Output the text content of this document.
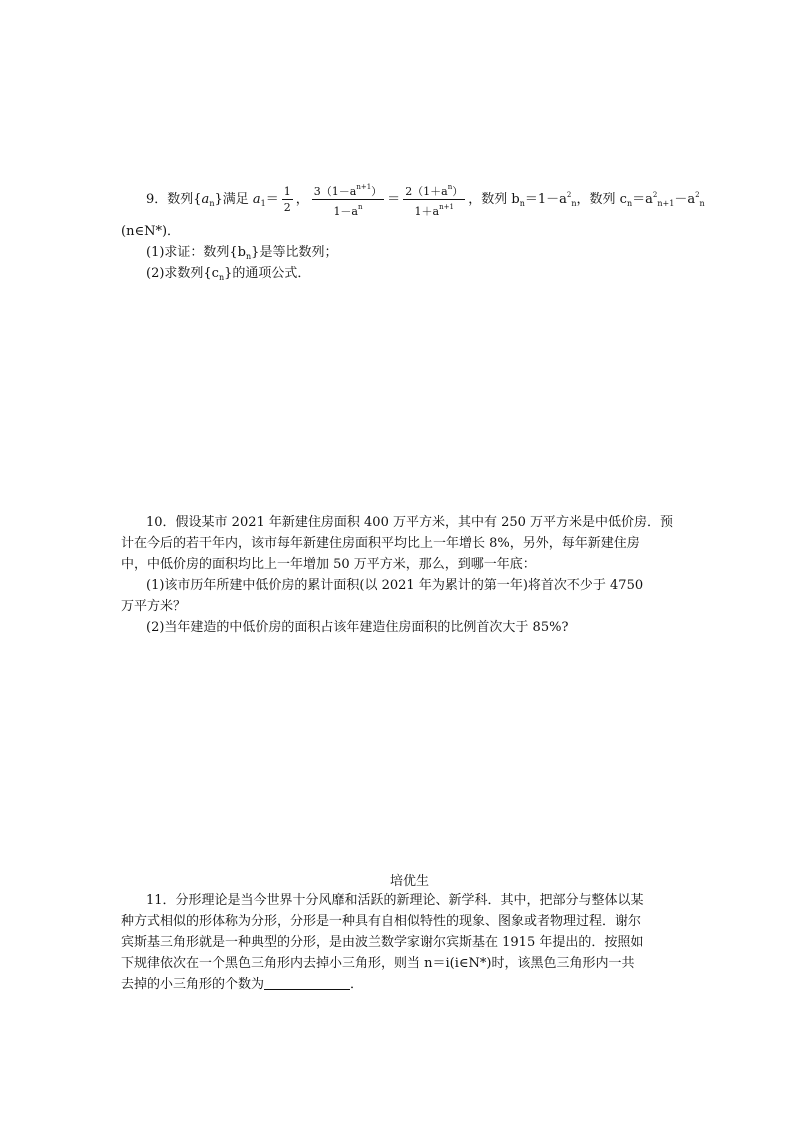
9．数列$\{a_n\}$满足 $a_1= \frac{1}{2}$ ， $\frac{3(1-a^{n+1})}{1-a^n} = \frac{2(1+a^n)}{1+a^{n+1}}$ ，数列 $b_n=1-a^2_n$，数列 $c_n=a^2_{n+1}-a^2_n$
(n∈N*)．
(1)求证：数列$\{b_n\}$是等比数列；
(2)求数列$\{c_n\}$的通项公式．
10．假设某市 2021 年新建住房面积 400 万平方米，其中有 250 万平方米是中低价房．预
计在今后的若干年内，该市每年新建住房面积平均比上一年增长 8%，另外，每年新建住房
中，中低价房的面积均比上一年增加 50 万平方米，那么，到哪一年底：
(1)该市历年所建中低价房的累计面积(以 2021 年为累计的第一年)将首次不少于 4750
万平方米？
(2)当年建造的中低价房的面积占该年建造住房面积的比例首次大于 85%?
培优生
11．分形理论是当今世界十分风靡和活跃的新理论、新学科．其中，把部分与整体以某
种方式相似的形体称为分形，分形是一种具有自相似特性的现象、图象或者物理过程．谢尔
宾斯基三角形就是一种典型的分形，是由波兰数学家谢尔宾斯基在 1915 年提出的．按照如
下规律依次在一个黑色三角形内去掉小三角形，则当 n＝i(i∈N*)时，该黑色三角形内一共
去掉的小三角形的个数为	．
